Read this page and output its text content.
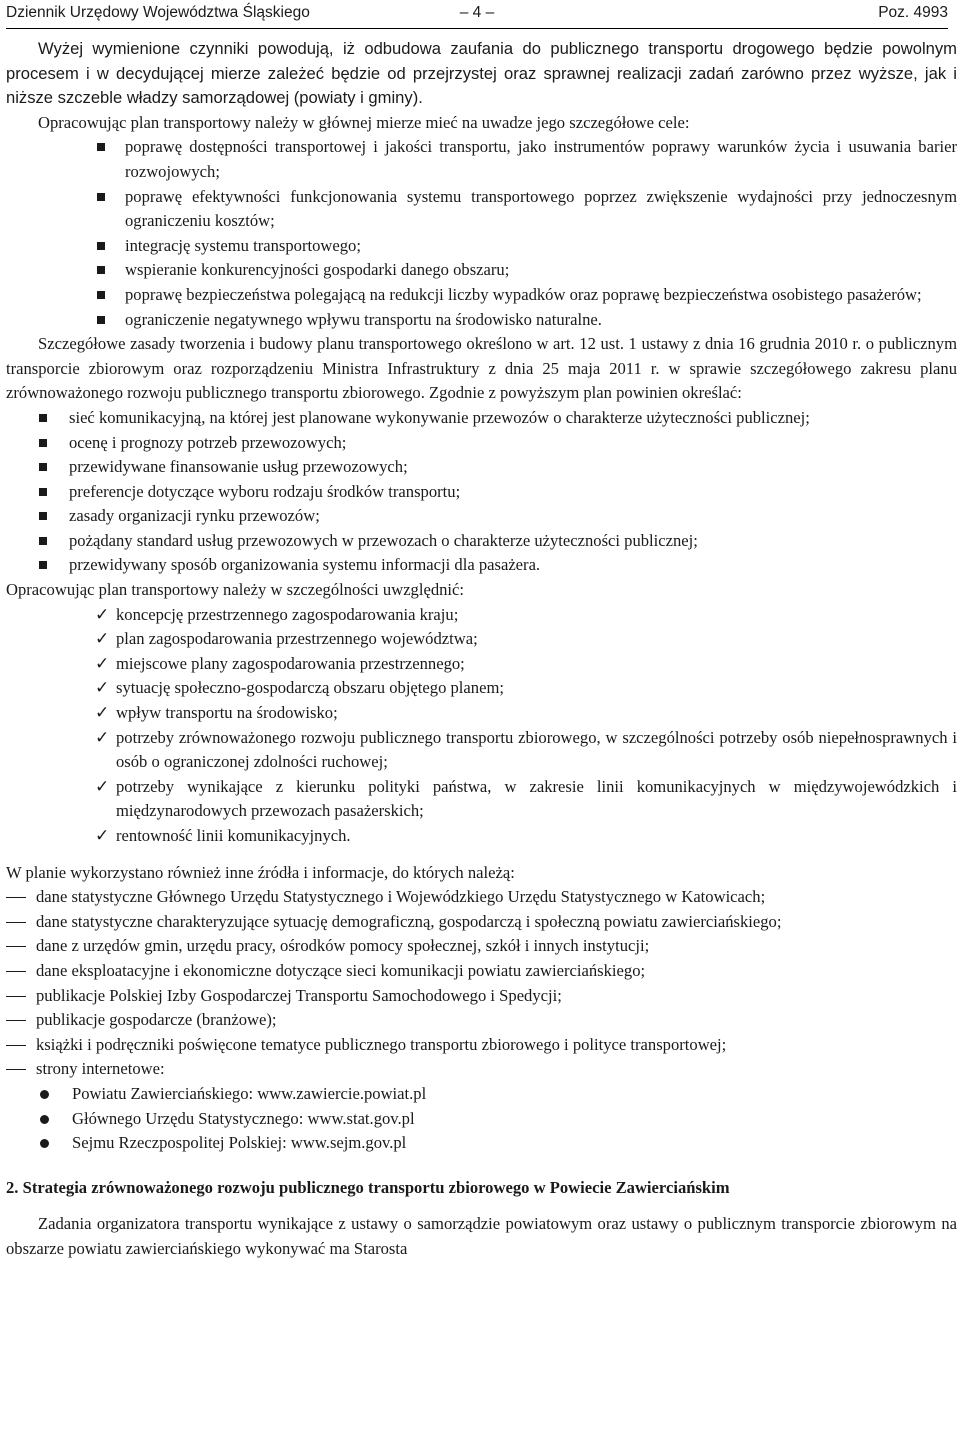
Dziennik Urzędowy Województwa Śląskiego	– 4 –	Poz. 4993

Wyżej wymienione czynniki powodują, iż odbudowa zaufania do publicznego transportu drogowego będzie powolnym procesem i w decydującej mierze zależeć będzie od przejrzystej oraz sprawnej realizacji zadań zarówno przez wyższe, jak i niższe szczeble władzy samorządowej (powiaty i gminy).

Opracowując plan transportowy należy w głównej mierze mieć na uwadze jego szczegółowe cele:

poprawę dostępności transportowej i jakości transportu, jako instrumentów poprawy warunków życia i usuwania barier rozwojowych;
poprawę efektywności funkcjonowania systemu transportowego poprzez zwiększenie wydajności przy jednoczesnym ograniczeniu kosztów;
integrację systemu transportowego;
wspieranie konkurencyjności gospodarki danego obszaru;
poprawę bezpieczeństwa polegającą na redukcji liczby wypadków oraz poprawę bezpieczeństwa osobistego pasażerów;
ograniczenie negatywnego wpływu transportu na środowisko naturalne.

Szczegółowe zasady tworzenia i budowy planu transportowego określono w art. 12 ust. 1 ustawy z dnia 16 grudnia 2010 r. o publicznym transporcie zbiorowym oraz rozporządzeniu Ministra Infrastruktury z dnia 25 maja 2011 r. w sprawie szczegółowego zakresu planu zrównoważonego rozwoju publicznego transportu zbiorowego. Zgodnie z powyższym plan powinien określać:

sieć komunikacyjną, na której jest planowane wykonywanie przewozów o charakterze użyteczności publicznej;
ocenę i prognozy potrzeb przewozowych;
przewidywane finansowanie usług przewozowych;
preferencje dotyczące wyboru rodzaju środków transportu;
zasady organizacji rynku przewozów;
pożądany standard usług przewozowych w przewozach o charakterze użyteczności publicznej;
przewidywany sposób organizowania systemu informacji dla pasażera.

Opracowując plan transportowy należy w szczególności uwzględnić:

✓ koncepcję przestrzennego zagospodarowania kraju;
✓ plan zagospodarowania przestrzennego województwa;
✓ miejscowe plany zagospodarowania przestrzennego;
✓ sytuację społeczno-gospodarczą obszaru objętego planem;
✓ wpływ transportu na środowisko;
✓ potrzeby zrównoważonego rozwoju publicznego transportu zbiorowego, w szczególności potrzeby osób niepełnosprawnych i osób o ograniczonej zdolności ruchowej;
✓ potrzeby wynikające z kierunku polityki państwa, w zakresie linii komunikacyjnych w międzywojewódzkich i międzynarodowych przewozach pasażerskich;
✓ rentowność linii komunikacyjnych.

W planie wykorzystano również inne źródła i informacje, do których należą:

dane statystyczne Głównego Urzędu Statystycznego i Wojewódzkiego Urzędu Statystycznego w Katowicach;
dane statystyczne charakteryzujące sytuację demograficzną, gospodarczą i społeczną powiatu zawierciańskiego;
dane z urzędów gmin, urzędu pracy, ośrodków pomocy społecznej, szkół i innych instytucji;
dane eksploatacyjne i ekonomiczne dotyczące sieci komunikacji powiatu zawierciańskiego;
publikacje Polskiej Izby Gospodarczej Transportu Samochodowego i Spedycji;
publikacje gospodarcze (branżowe);
książki i podręczniki poświęcone tematyce publicznego transportu zbiorowego i polityce transportowej;
strony internetowe:
Powiatu Zawierciańskiego: www.zawiercie.powiat.pl
Głównego Urzędu Statystycznego: www.stat.gov.pl
Sejmu Rzeczpospolitej Polskiej: www.sejm.gov.pl
2. Strategia zrównoważonego rozwoju publicznego transportu zbiorowego w Powiecie Zawierciańskim

Zadania organizatora transportu wynikające z ustawy o samorządzie powiatowym oraz ustawy o publicznym transporcie zbiorowym na obszarze powiatu zawierciańskiego wykonywać ma Starosta
